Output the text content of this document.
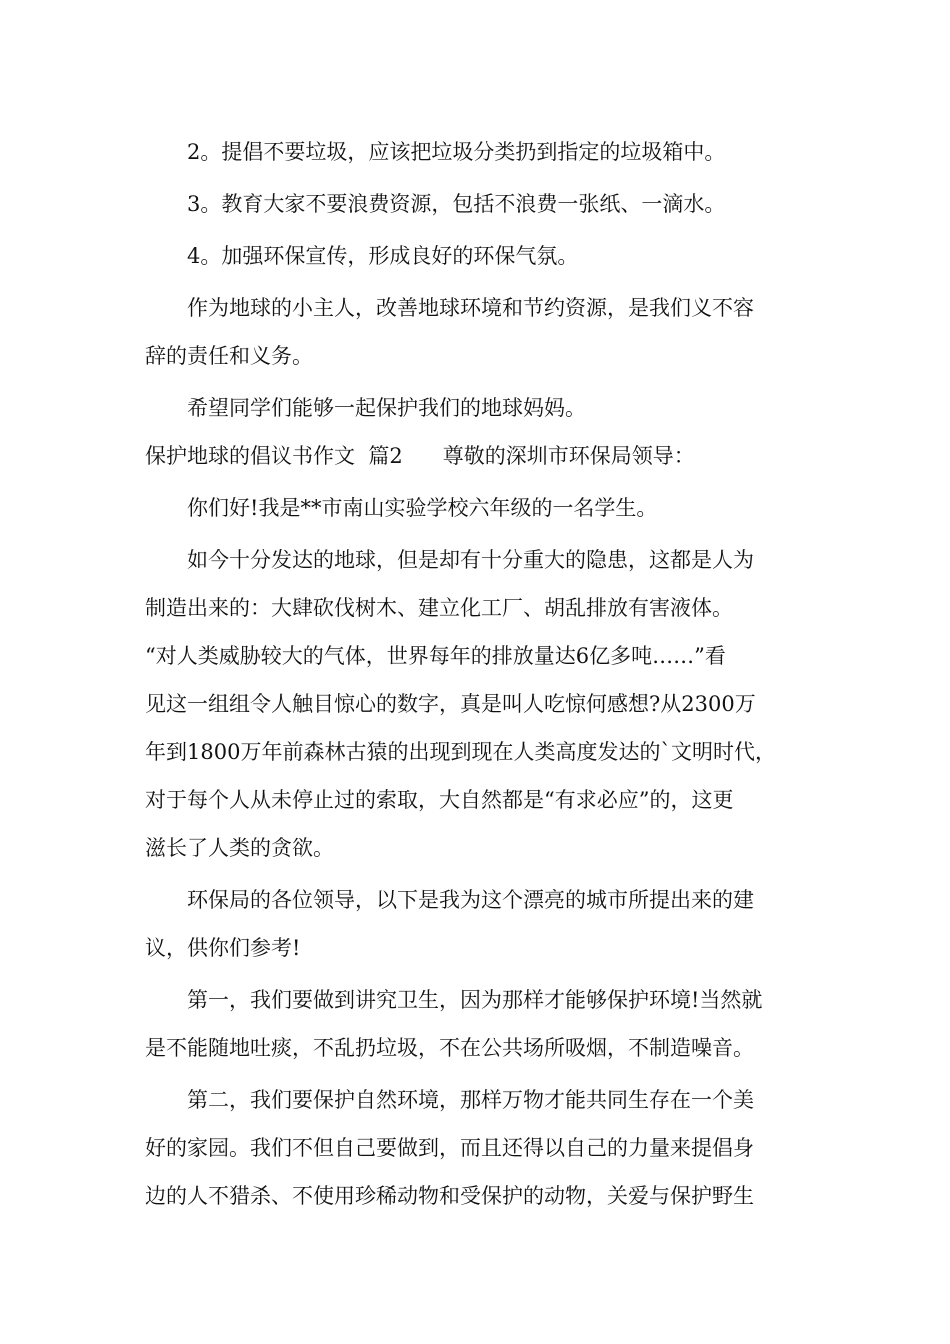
2。提倡不要垃圾，应该把垃圾分类扔到指定的垃圾箱中。

3。教育大家不要浪费资源，包括不浪费一张纸、一滴水。

4。加强环保宣传，形成良好的环保气氛。

作为地球的小主人，改善地球环境和节约资源，是我们义不容

辞的责任和义务。

希望同学们能够一起保护我们的地球妈妈。

保护地球的倡议书作文  篇2      尊敬的深圳市环保局领导：

你们好!我是**市南山实验学校六年级的一名学生。

如今十分发达的地球，但是却有十分重大的隐患，这都是人为

制造出来的：大肆砍伐树木、建立化工厂、胡乱排放有害液体。

“对人类威胁较大的气体，世界每年的排放量达6亿多吨……”看

见这一组组令人触目惊心的数字，真是叫人吃惊何感想?从2300万

年到1800万年前森林古猿的出现到现在人类高度发达的`文明时代，

对于每个人从未停止过的索取，大自然都是“有求必应”的，这更

滋长了人类的贪欲。

环保局的各位领导，以下是我为这个漂亮的城市所提出来的建

议，供你们参考!

第一，我们要做到讲究卫生，因为那样才能够保护环境!当然就

是不能随地吐痰，不乱扔垃圾，不在公共场所吸烟，不制造噪音。

第二，我们要保护自然环境，那样万物才能共同生存在一个美

好的家园。我们不但自己要做到，而且还得以自己的力量来提倡身

边的人不猎杀、不使用珍稀动物和受保护的动物，关爱与保护野生
